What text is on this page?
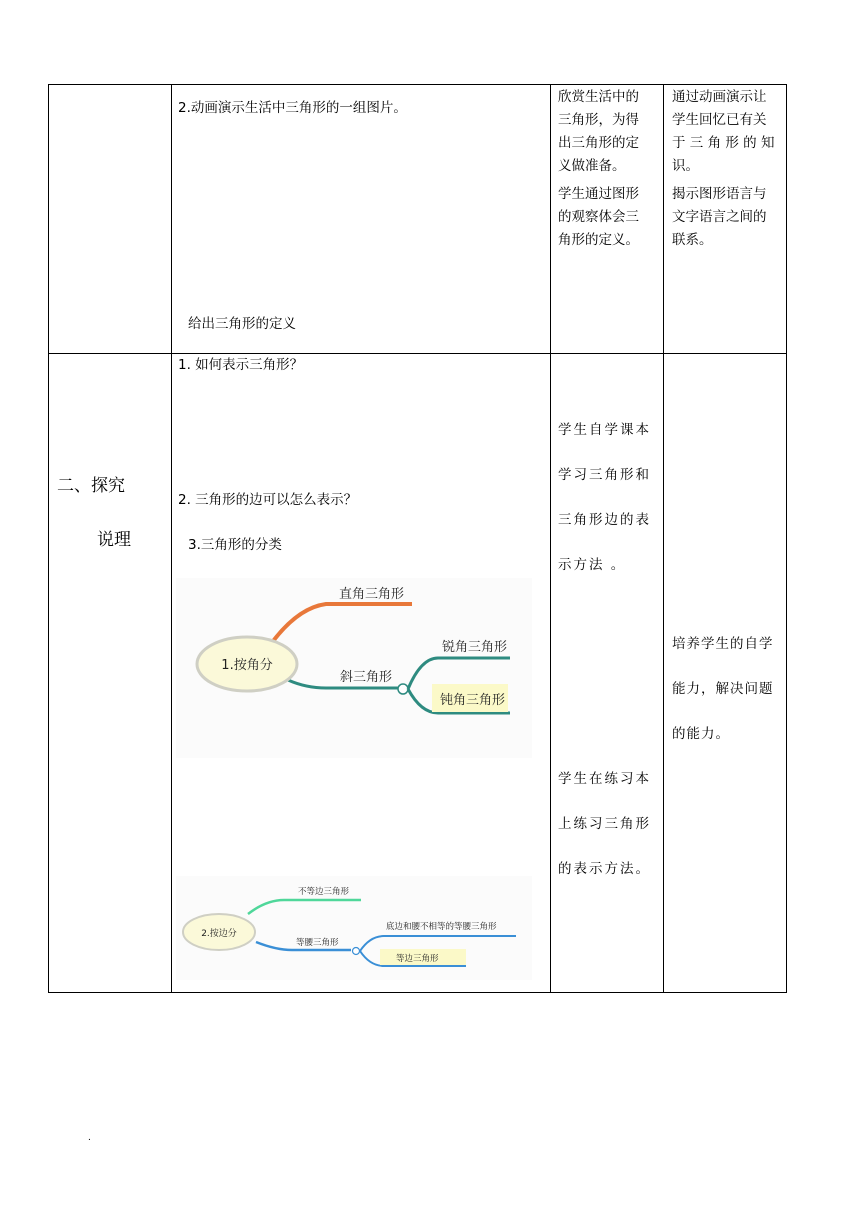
2.动画演示生活中三角形的一组图片。
给出三角形的定义
欣赏生活中的
三角形，为得
出三角形的定
义做准备。
学生通过图形
的观察体会三
角形的定义。
通过动画演示让
学生回忆已有关
于 三 角 形 的 知
识。
揭示图形语言与
文字语言之间的
联系。
二、探究
说理
1. 如何表示三角形？
2. 三角形的边可以怎么表示？
3.三角形的分类
学生自学课本
学习三角形和
三角形边的表
示方法 。
学生在练习本
上练习三角形
的表示方法。
培养学生的自学
能力，解决问题
的能力。
1.按角分
直角三角形
斜三角形
锐角三角形
钝角三角形
2.按边分
不等边三角形
等腰三角形
底边和腰不相等的等腰三角形
等边三角形
.
